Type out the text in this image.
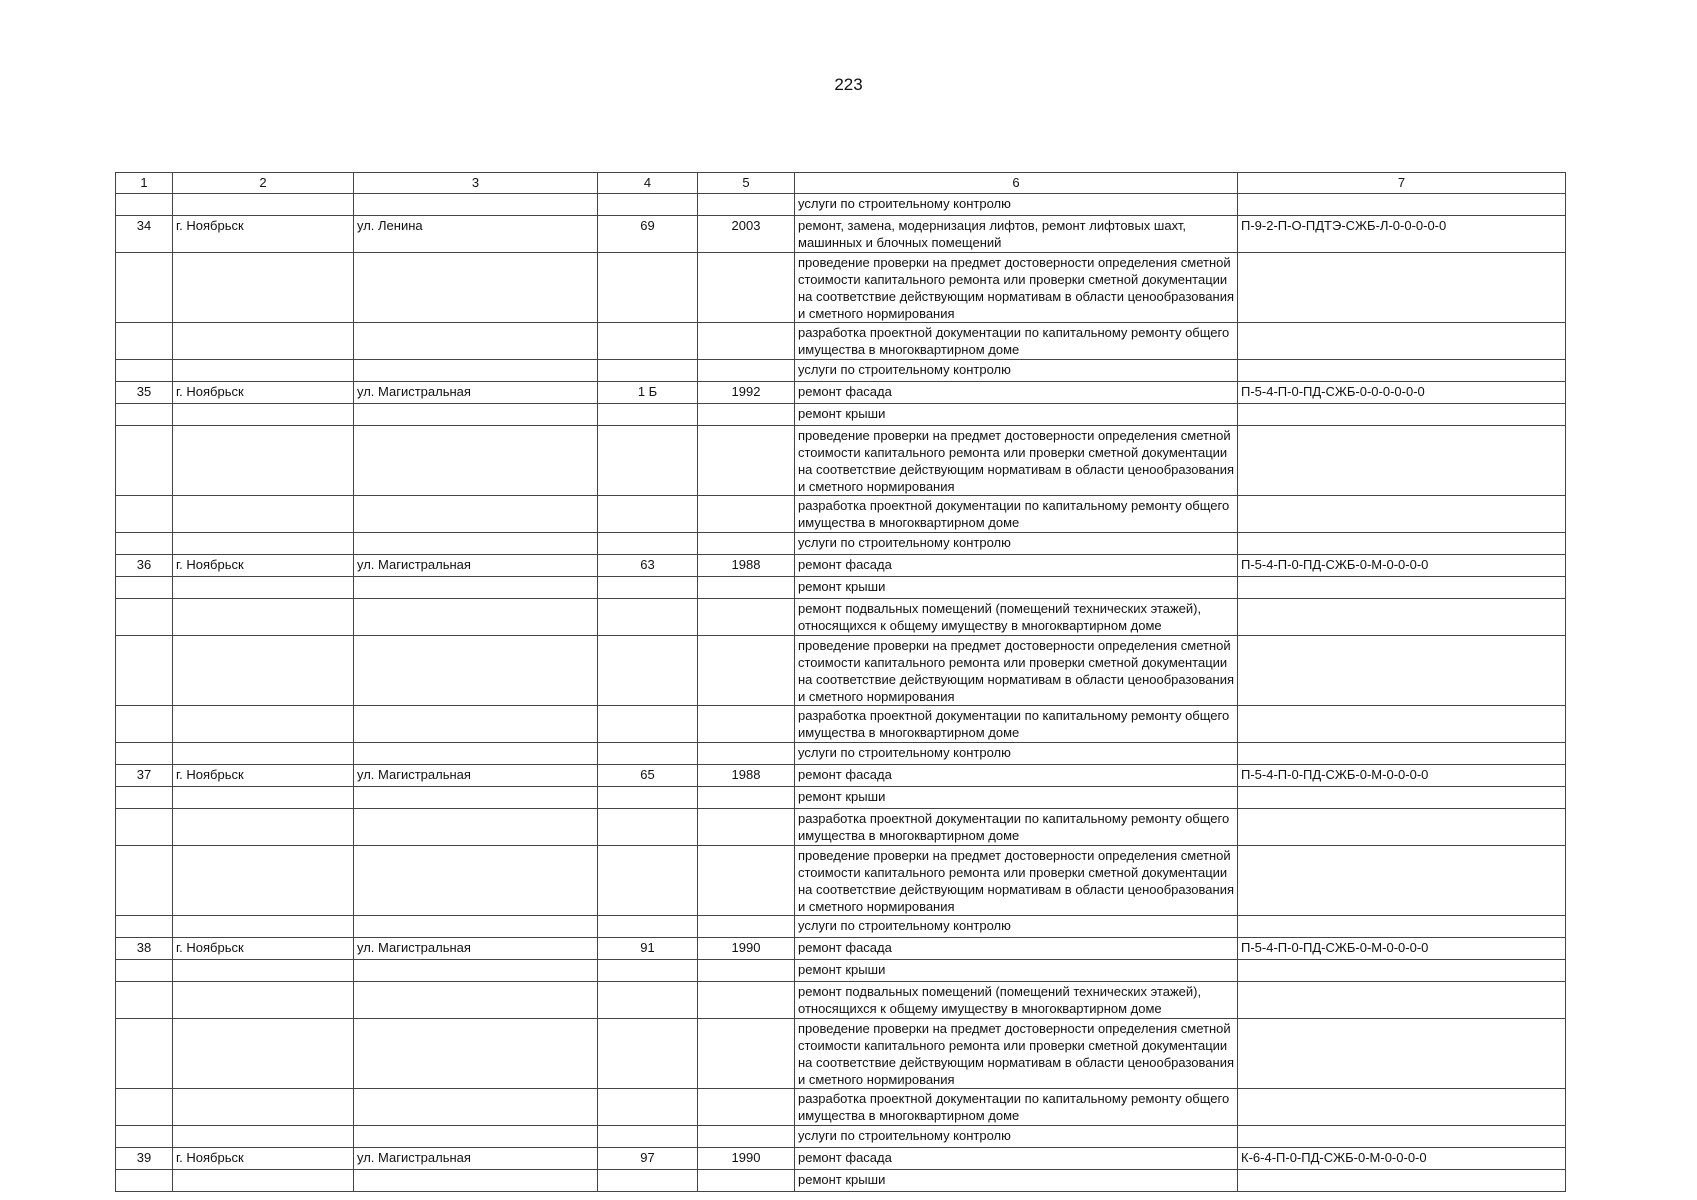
223
1	2	3	4	5	6	7
					услуги по строительному контролю	
34	г. Ноябрьск	ул. Ленина	69	2003	ремонт, замена, модернизация лифтов, ремонт лифтовых шахт, машинных и блочных помещений	П-9-2-П-О-ПДТЭ-СЖБ-Л-0-0-0-0-0
					проведение проверки на предмет достоверности определения сметной стоимости капитального ремонта или проверки сметной документации на соответствие действующим нормативам в области ценообразования и сметного нормирования	
					разработка проектной документации по капитальному ремонту общего имущества в многоквартирном доме	
					услуги по строительному контролю	
35	г. Ноябрьск	ул. Магистральная	1 Б	1992	ремонт фасада	П-5-4-П-0-ПД-СЖБ-0-0-0-0-0-0
					ремонт крыши	
					проведение проверки на предмет достоверности определения сметной стоимости капитального ремонта или проверки сметной документации на соответствие действующим нормативам в области ценообразования и сметного нормирования	
					разработка проектной документации по капитальному ремонту общего имущества в многоквартирном доме	
					услуги по строительному контролю	
36	г. Ноябрьск	ул. Магистральная	63	1988	ремонт фасада	П-5-4-П-0-ПД-СЖБ-0-М-0-0-0-0
					ремонт крыши	
					ремонт подвальных помещений (помещений технических этажей), относящихся к общему имуществу в многоквартирном доме	
					проведение проверки на предмет достоверности определения сметной стоимости капитального ремонта или проверки сметной документации на соответствие действующим нормативам в области ценообразования и сметного нормирования	
					разработка проектной документации по капитальному ремонту общего имущества в многоквартирном доме	
					услуги по строительному контролю	
37	г. Ноябрьск	ул. Магистральная	65	1988	ремонт фасада	П-5-4-П-0-ПД-СЖБ-0-М-0-0-0-0
					ремонт крыши	
					разработка проектной документации по капитальному ремонту общего имущества в многоквартирном доме	
					проведение проверки на предмет достоверности определения сметной стоимости капитального ремонта или проверки сметной документации на соответствие действующим нормативам в области ценообразования и сметного нормирования	
					услуги по строительному контролю	
38	г. Ноябрьск	ул. Магистральная	91	1990	ремонт фасада	П-5-4-П-0-ПД-СЖБ-0-М-0-0-0-0
					ремонт крыши	
					ремонт подвальных помещений (помещений технических этажей), относящихся к общему имуществу в многоквартирном доме	
					проведение проверки на предмет достоверности определения сметной стоимости капитального ремонта или проверки сметной документации на соответствие действующим нормативам в области ценообразования и сметного нормирования	
					разработка проектной документации по капитальному ремонту общего имущества в многоквартирном доме	
					услуги по строительному контролю	
39	г. Ноябрьск	ул. Магистральная	97	1990	ремонт фасада	К-6-4-П-0-ПД-СЖБ-0-М-0-0-0-0
					ремонт крыши	
